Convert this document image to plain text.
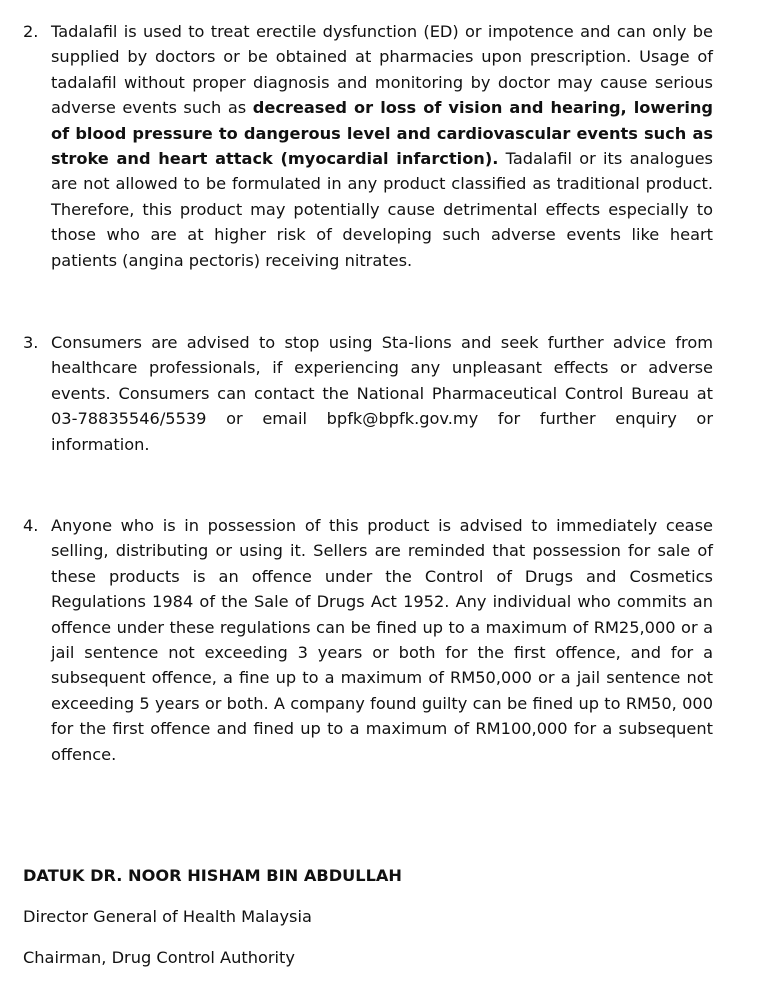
2. Tadalafil is used to treat erectile dysfunction (ED) or impotence and can only be supplied by doctors or be obtained at pharmacies upon prescription. Usage of tadalafil without proper diagnosis and monitoring by doctor may cause serious adverse events such as decreased or loss of vision and hearing, lowering of blood pressure to dangerous level and cardiovascular events such as stroke and heart attack (myocardial infarction). Tadalafil or its analogues are not allowed to be formulated in any product classified as traditional product. Therefore, this product may potentially cause detrimental effects especially to those who are at higher risk of developing such adverse events like heart patients (angina pectoris) receiving nitrates.
3. Consumers are advised to stop using Sta-lions and seek further advice from healthcare professionals, if experiencing any unpleasant effects or adverse events. Consumers can contact the National Pharmaceutical Control Bureau at 03-78835546/5539 or email bpfk@bpfk.gov.my for further enquiry or information.
4. Anyone who is in possession of this product is advised to immediately cease selling, distributing or using it. Sellers are reminded that possession for sale of these products is an offence under the Control of Drugs and Cosmetics Regulations 1984 of the Sale of Drugs Act 1952. Any individual who commits an offence under these regulations can be fined up to a maximum of RM25,000 or a jail sentence not exceeding 3 years or both for the first offence, and for a subsequent offence, a fine up to a maximum of RM50,000 or a jail sentence not exceeding 5 years or both. A company found guilty can be fined up to RM50, 000 for the first offence and fined up to a maximum of RM100,000 for a subsequent offence.
DATUK DR. NOOR HISHAM BIN ABDULLAH
Director General of Health Malaysia
Chairman, Drug Control Authority
